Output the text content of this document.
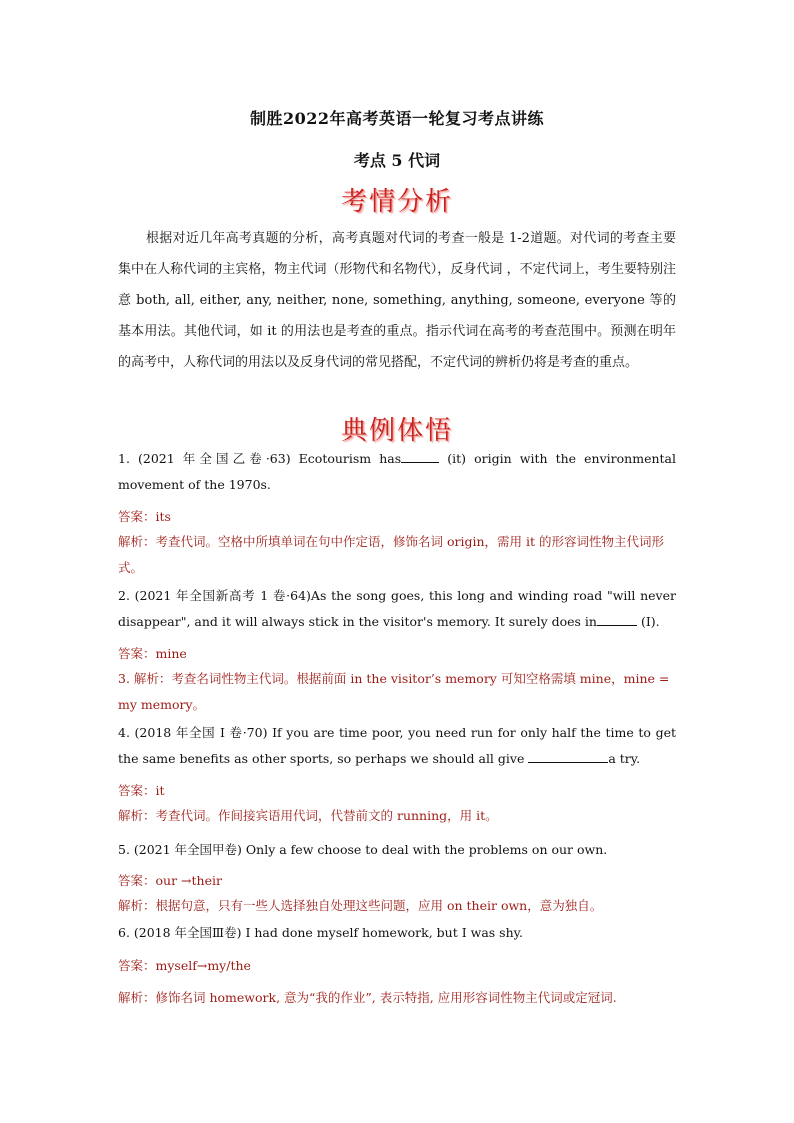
制胜2022年高考英语一轮复习考点讲练
考点 5 代词
考情分析
根据对近几年高考真题的分析，高考真题对代词的考查一般是 1-2道题。对代词的考查主要集中在人称代词的主宾格，物主代词（形物代和名物代），反身代词 ，不定代词上，考生要特别注意 both, all, either, any, neither, none, something, anything, someone, everyone 等的基本用法。其他代词，如 it 的用法也是考查的重点。指示代词在高考的考查范围中。预测在明年的高考中，人称代词的用法以及反身代词的常见搭配，不定代词的辨析仍将是考查的重点。
典例体悟
1. (2021 年全国乙卷·63) Ecotourism has	(it) origin with the environmental movement of the 1970s.
答案：its
解析：考查代词。空格中所填单词在句中作定语，修饰名词 origin，需用 it 的形容词性物主代词形式。
2. (2021 年全国新高考 1 卷·64)As the song goes, this long and winding road "will never disappear", and it will always stick in the visitor's memory. It surely does in	(I).
答案：mine
3. 解析：考查名词性物主代词。根据前面 in the visitor’s memory 可知空格需填 mine，mine = my memory。
4. (2018 年全国 I 卷·70) If you are time poor, you need run for only half the time to get the same benefits as other sports, so perhaps we should all give	a try.
答案：it
解析：考查代词。作间接宾语用代词，代替前文的 running，用 it。
5. (2021 年全国甲卷) Only a few choose to deal with the problems on our own.
答案：our →their
解析：根据句意，只有一些人选择独自处理这些问题，应用 on their own，意为独自。
6. (2018 年全国Ⅲ卷) I had done myself homework, but I was shy.
答案：myself→my/the
解析：修饰名词 homework, 意为“我的作业”, 表示特指, 应用形容词性物主代词或定冠词.
